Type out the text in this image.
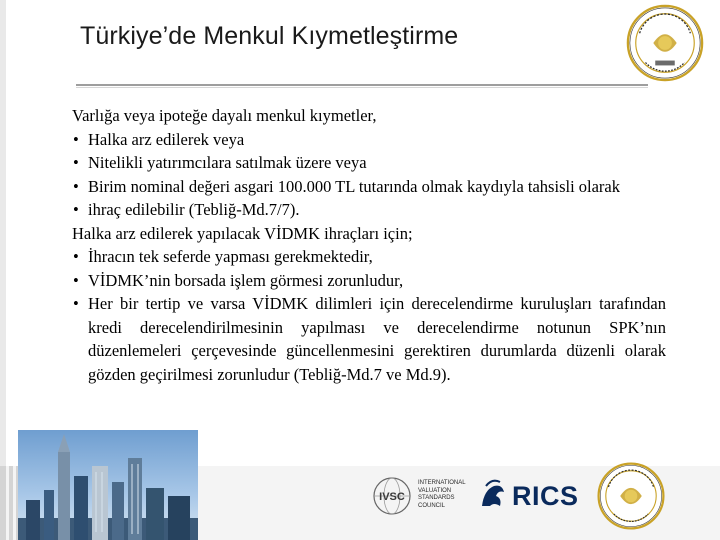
Türkiye’de Menkul Kıymetleştirme
Varlığa veya ipoteğe dayalı menkul kıymetler,
• Halka arz edilerek veya
• Nitelikli yatırımcılara satılmak üzere veya
• Birim nominal değeri asgari 100.000 TL tutarında olmak kaydıyla tahsisli olarak
• ihraç edilebilir (Tebliğ-Md.7/7).
Halka arz edilerek yapılacak VİDMK ihraçları için;
• İhracın tek seferde yapması gerekmektedir,
• VİDMK’nin borsada işlem görmesi zorunludur,
• Her bir tertip ve varsa VİDMK dilimleri için derecelendirme kuruluşları tarafından kredi derecelendirilmesinin yapılması ve derecelendirme notunun SPK’nın düzenlemeleri çerçevesinde güncellenmesini gerektiren durumlarda düzenli olarak gözden geçirilmesi zorunludur (Tebliğ-Md.7 ve Md.9).
IVSC
INTERNATIONAL
VALUATION
STANDARDS
COUNCIL	RICS
